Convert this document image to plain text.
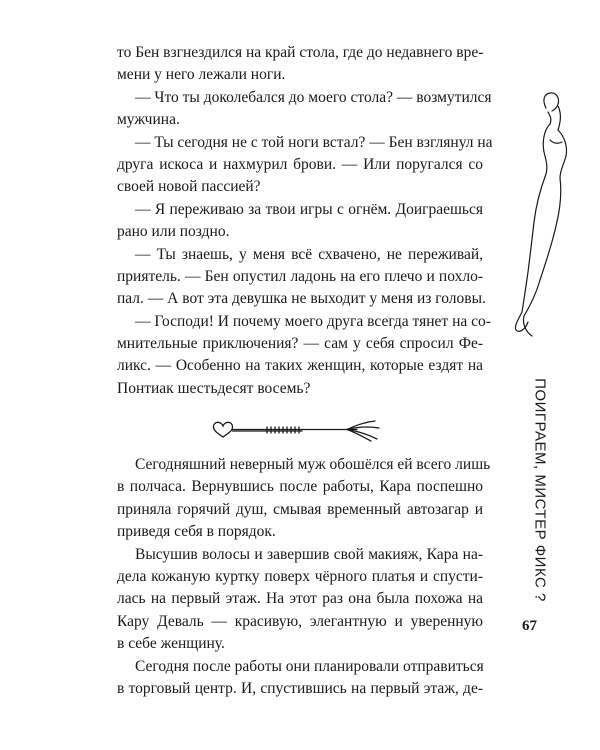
то Бен взгнездился на край стола, где до недавнего вре-
мени у него лежали ноги.
— Что ты доколебался до моего стола? — возмутился
мужчина.
— Ты сегодня не с той ноги встал? — Бен взглянул на
друга искоса и нахмурил брови. — Или поругался со
своей новой пассией?
— Я переживаю за твои игры с огнём. Доиграешься
рано или поздно.
— Ты знаешь, у меня всё схвачено, не переживай,
приятель. — Бен опустил ладонь на его плечо и похло-
пал. — А вот эта девушка не выходит у меня из головы.
— Господи! И почему моего друга всегда тянет на со-
мнительные приключения? — сам у себя спросил Фе-
ликс. — Особенно на таких женщин, которые ездят на
Понтиак шестьдесят восемь?
Сегодняшний неверный муж обошёлся ей всего лишь
в полчаса. Вернувшись после работы, Кара поспешно
приняла горячий душ, смывая временный автозагар и
приведя себя в порядок.
Высушив волосы и завершив свой макияж, Кара на-
дела кожаную куртку поверх чёрного платья и спусти-
лась на первый этаж. На этот раз она была похожа на
Кару Деваль — красивую, элегантную и уверенную
в себе женщину.
Сегодня после работы они планировали отправиться
в торговый центр. И, спустившись на первый этаж, де-
ПОИГРАЕМ, МИСТЕР ФИКС ?
67
